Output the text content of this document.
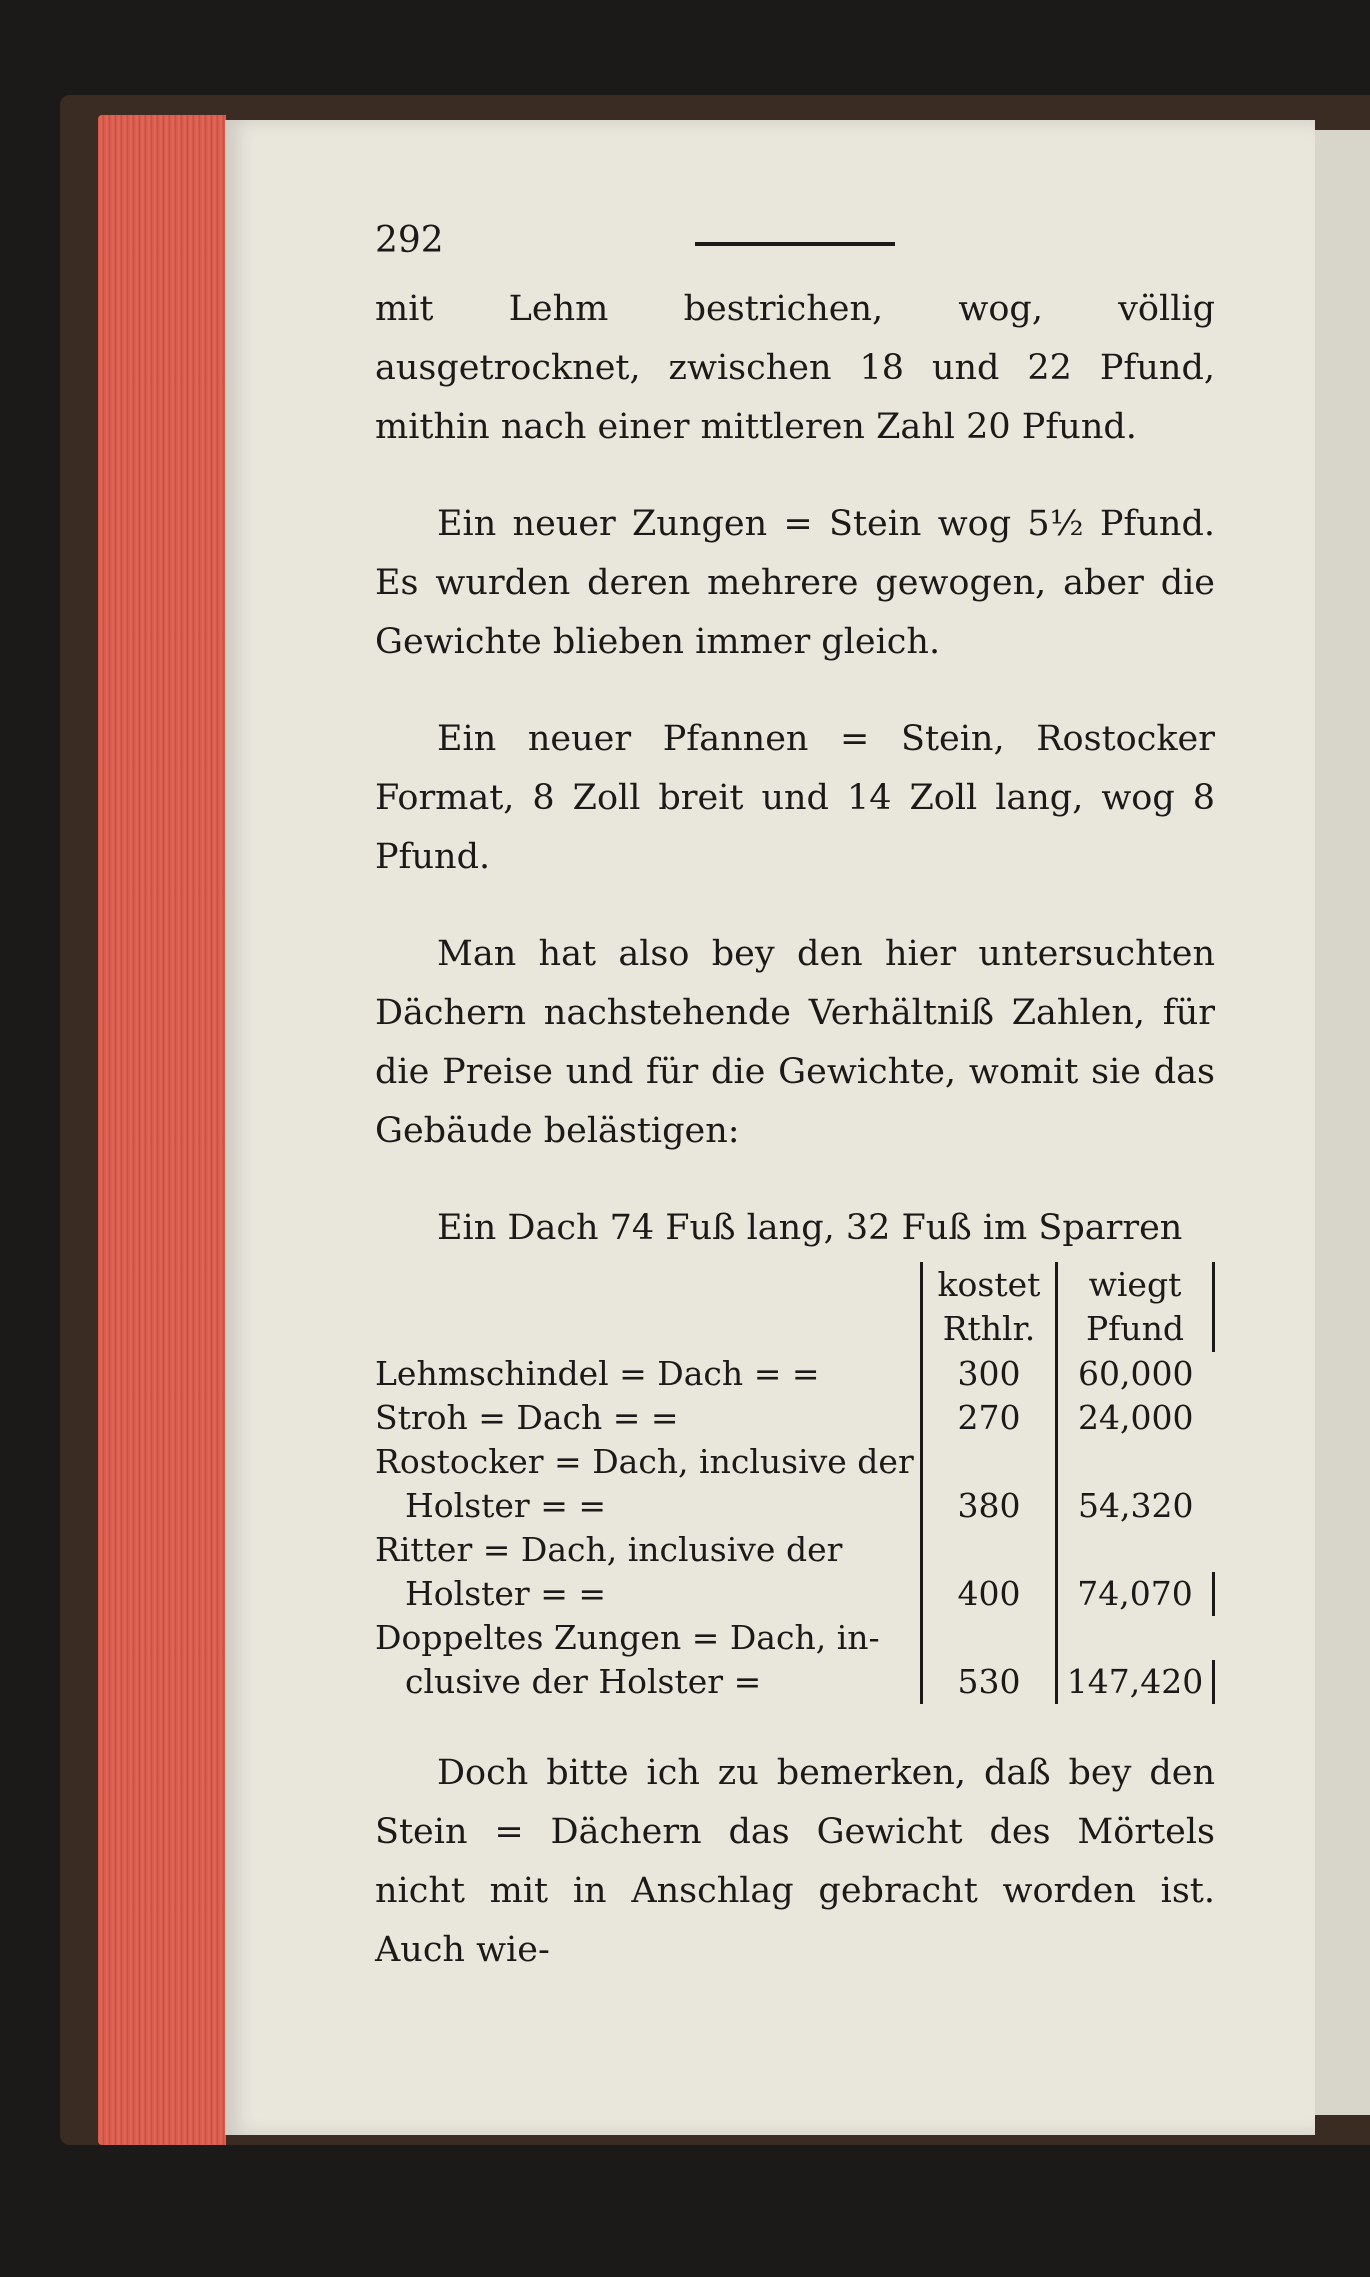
292

mit Lehm bestrichen, wog, völlig ausgetrocknet, zwischen 18 und 22 Pfund, mithin nach einer mittleren Zahl 20 Pfund.

Ein neuer Zungen = Stein wog 5½ Pfund. Es wurden deren mehrere gewogen, aber die Gewichte blieben immer gleich.

Ein neuer Pfannen = Stein, Rostocker Format, 8 Zoll breit und 14 Zoll lang, wog 8 Pfund.

Man hat also bey den hier untersuchten Dächern nachstehende Verhältniß Zahlen, für die Preise und für die Gewichte, womit sie das Gebäude belästigen:

Ein Dach 74 Fuß lang, 32 Fuß im Sparren
	kostet Rthlr.	wiegt Pfund
Lehmschindel = Dach = =	300	60,000
Stroh = Dach = =	270	24,000
Rostocker = Dach, inclusive der		
Holster = =	380	54,320
Ritter = Dach, inclusive der		
Holster = =	400	74,070
Doppeltes Zungen = Dach, in-		
clusive der Holster =	530	147,420

Doch bitte ich zu bemerken, daß bey den Stein = Dächern das Gewicht des Mörtels nicht mit in Anschlag gebracht worden ist. Auch wie-
